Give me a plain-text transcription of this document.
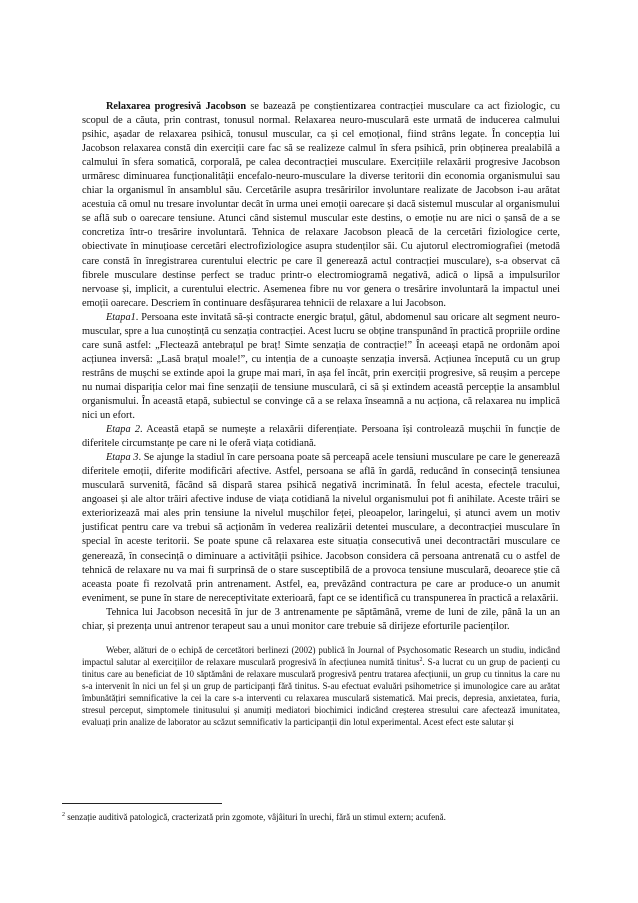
Relaxarea progresivă Jacobson se bazează pe conștientizarea contracției musculare ca act fiziologic, cu scopul de a căuta, prin contrast, tonusul normal. Relaxarea neuro-musculară este urmată de inducerea calmului psihic, așadar de relaxarea psihică, tonusul muscular, ca și cel emoțional, fiind strâns legate. În concepția lui Jacobson relaxarea constă din exerciții care fac să se realizeze calmul în sfera psihică, prin obținerea prealabilă a calmului în sfera somatică, corporală, pe calea decontracției musculare. Exercițiile relaxării progresive Jacobson urmăresc diminuarea funcționalității encefalo-neuro-musculare la diverse teritorii din economia organismului sau chiar la organismul în ansamblul său. Cercetările asupra tresăririlor involuntare realizate de Jacobson i-au arătat acestuia că omul nu tresare involuntar decât în urma unei emoții oarecare și dacă sistemul muscular al organismului se află sub o oarecare tensiune. Atunci când sistemul muscular este destins, o emoție nu are nici o șansă de a se concretiza într-o tresărire involuntară. Tehnica de relaxare Jacobson pleacă de la cercetări fiziologice certe, obiectivate în minuțioase cercetări electrofiziologice asupra studenților săi. Cu ajutorul electromiografiei (metodă care constă în înregistrarea curentului electric pe care îl generează actul contracției musculare), s-a observat că fibrele musculare destinse perfect se traduc printr-o electromiogramă negativă, adică o lipsă a impulsurilor nervoase și, implicit, a curentului electric. Asemenea fibre nu vor genera o tresărire involuntară la impactul unei emoții oarecare. Descriem în continuare desfășurarea tehnicii de relaxare a lui Jacobson.

Etapa1. Persoana este invitată să-și contracte energic brațul, gâtul, abdomenul sau oricare alt segment neuro-muscular, spre a lua cunoștință cu senzația contracției. Acest lucru se obține transpunând în practică propriile ordine care sună astfel: „Flectează antebrațul pe braț! Simte senzația de contracție!” În aceeași etapă ne ordonăm apoi acțiunea inversă: „Lasă brațul moale!”, cu intenția de a cunoaște senzația inversă. Acțiunea începută cu un grup restrâns de mușchi se extinde apoi la grupe mai mari, în așa fel încât, prin exerciții progresive, să reușim a percepe nu numai dispariția celor mai fine senzații de tensiune musculară, ci să și extindem această percepție la ansamblul organismului. În această etapă, subiectul se convinge că a se relaxa înseamnă a nu acționa, că relaxarea nu implică nici un efort.

Etapa 2. Această etapă se numește a relaxării diferențiate. Persoana își controlează mușchii în funcție de diferitele circumstanțe pe care ni le oferă viața cotidiană.

Etapa 3. Se ajunge la stadiul în care persoana poate să perceapă acele tensiuni musculare pe care le generează diferitele emoții, diferite modificări afective. Astfel, persoana se află în gardă, reducând în consecință tensiunea musculară survenită, făcând să dispară starea psihică negativă incriminată. În felul acesta, efectele tracului, angoasei și ale altor trăiri afective induse de viața cotidiană la nivelul organismului pot fi anihilate. Aceste trăiri se exteriorizează mai ales prin tensiune la nivelul mușchilor feței, pleoapelor, laringelui, și atunci avem un motiv justificat pentru care va trebui să acționăm în vederea realizării detentei musculare, a decontracției musculare în special în aceste teritorii. Se poate spune că relaxarea este situația consecutivă unei decontractări musculare ce generează, în consecință o diminuare a activității psihice. Jacobson considera că persoana antrenată cu o astfel de tehnică de relaxare nu va mai fi surprinsă de o stare susceptibilă de a provoca tensiune musculară, deoarece știe că aceasta poate fi rezolvată prin antrenament. Astfel, ea, prevăzând contractura pe care ar produce-o un anumit eveniment, se pune în stare de nereceptivitate exterioară, fapt ce se identifică cu transpunerea în practică a relaxării.

Tehnica lui Jacobson necesită în jur de 3 antrenamente pe săptămână, vreme de luni de zile, până la un an chiar, și prezența unui antrenor terapeut sau a unui monitor care trebuie să dirijeze eforturile pacienților.

Weber, alături de o echipă de cercetători berlinezi (2002) publică în Journal of Psychosomatic Research un studiu, indicând impactul salutar al exercițiilor de relaxare musculară progresivă în afecțiunea numită tinitus$^2$. S-a lucrat cu un grup de pacienți cu tinitus care au beneficiat de 10 săptămâni de relaxare musculară progresivă pentru tratarea afecțiunii, un grup cu tinnitus la care nu s-a intervenit în nici un fel și un grup de participanți fără tinitus. S-au efectuat evaluări psihometrice și imunologice care au arătat îmbunătățiri semnificative la cei la care s-a interventi cu relaxarea musculară sistematică. Mai precis, depresia, anxietatea, furia, stresul perceput, simptomele tinitusului și anumiți mediatori biochimici indicând creșterea stresului care afectează imunitatea, evaluați prin analize de laborator au scăzut semnificativ la participanții din lotul experimental. Acest efect este salutar și

$^2$ senzație auditivă patologică, cracterizată prin zgomote, vâjâituri în urechi, fără un stimul extern; acufenă.
